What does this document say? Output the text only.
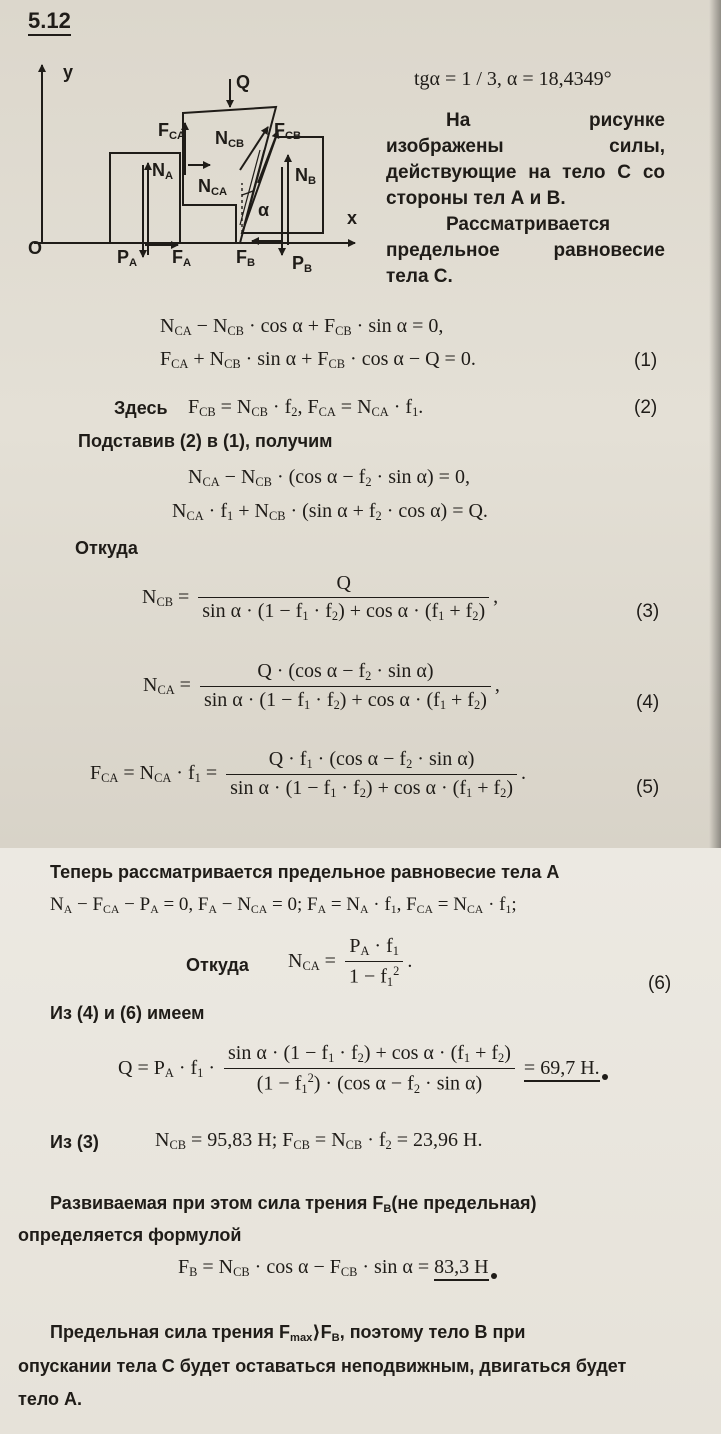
5.12
y
x
O
Q
$F_{CA}$ $N_{CB}$
$F_{CB}$
$N_A$
$N_{CA}$
$N_B$
α
$P_A$ $F_A$ $F_B$ $P_B$
tgα = 1 / 3, α = 18,4349°
На рисунке
изображены силы,
действующие на тело С со
стороны тел А и В.
Рассматривается
предельное равновесие
тела С.
$N_{CA} - N_{CB} \cdot \cos \alpha + F_{CB} \cdot \sin \alpha = 0$,
$F_{CA} + N_{CB} \cdot \sin \alpha + F_{CB} \cdot \cos \alpha - Q = 0$.	(1)
Здесь $F_{CB} = N_{CB} \cdot f_2$, $F_{CA} = N_{CA} \cdot f_1$.	(2)
Подставив (2) в (1), получим
$N_{CA} - N_{CB} \cdot (\cos$ $\alpha - f_2 \cdot \sin \alpha) = 0$,
$N_{CA} \cdot f_1 + N_{CB} \cdot (\sin$ $\alpha + f_2 \cdot \cos \alpha) = Q$.
Откуда
$N_{CB} = \frac{Q}{\sin \alpha \cdot (1 - f_1 \cdot f_2) + \cos \alpha \cdot (f_1 + f_2)}$ ,
(3)
$N_{CA} = \frac{Q \cdot (\cos \alpha - f_2 \cdot \sin \alpha)}{\sin \alpha \cdot (1 - f_1 \cdot f_2) + \cos \alpha \cdot (f_1 + f_2)}$ ,
(4)
$F_{CA} = N_{CA} \cdot f_1 = \frac{Q \cdot f_1 \cdot (\cos \alpha - f_2 \cdot \sin \alpha)}{\sin \alpha \cdot (1 - f_1 \cdot f_2) + \cos \alpha \cdot (f_1 + f_2)}$ .
(5)
Теперь рассматривается предельное равновесие тела А
$N_A - F_{CA} - P_A = 0$, $F_A - N_{CA} = 0$; $F_A = N_A \cdot f_1$, $F_{CA} = N_{CA} \cdot f_1$;
Откуда $N_{CA} = \frac{P_A \cdot f_1}{1 - f_1^2}$ .
(6)
Из (4) и (6) имеем
$Q = P_A \cdot f_1 \cdot \frac{\sin \alpha \cdot (1 - f_1 \cdot f_2) + \cos \alpha \cdot (f_1 + f_2)}{(1 - f_1^2) \cdot (\cos \alpha - f_2 \cdot \sin \alpha)} = 69,7$ Н.
Из (3)	$N_{CB} = 95,83$ Н; $F_{CB} = N_{CB} \cdot f_2 = 23,96$ Н.
Развиваемая при этом сила трения $F_B(не$ предельная)
определяется формулой
$F_B = N_{CB} \cdot \cos \alpha - F_{CB} \cdot \sin \alpha = 83,3$ Н
Предельная сила трения $F_{max}⟩F_B$, поэтому тело В при
опускании тела С будет оставаться неподвижным, двигаться будет
тело А.
